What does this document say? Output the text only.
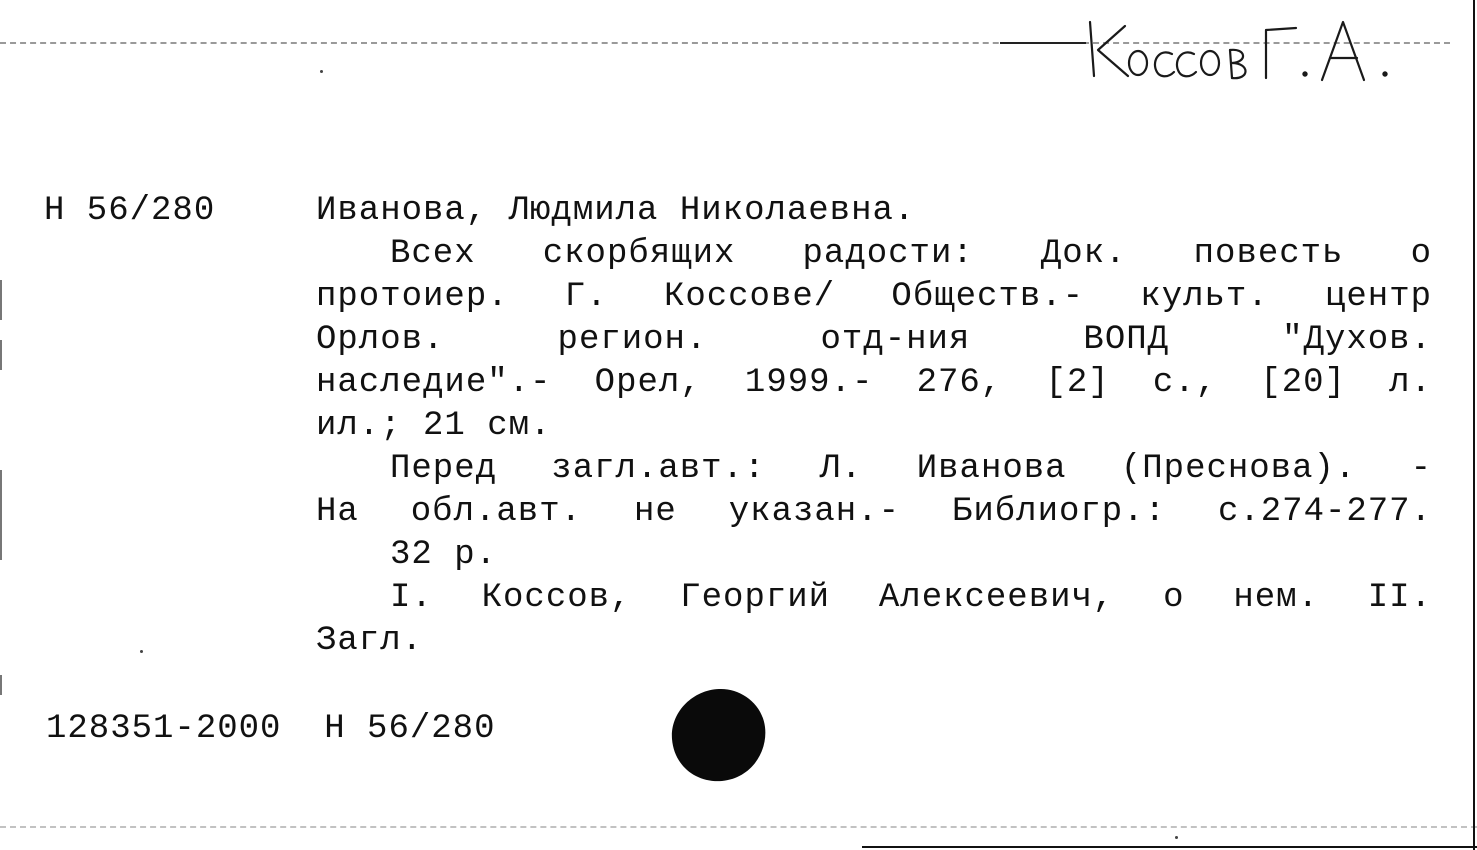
Н 56/280	Иванова, Людмила Николаевна.
Всех скорбящих радости: Док. повесть о
протоиер. Г. Коссове/ Обществ.- культ. центр
Орлов. регион. отд-ния ВОПД "Духов.
наследие".- Орел, 1999.- 276, [2] с., [20] л.
ил.; 21 см.
Перед загл.авт.: Л. Иванова (Преснова). -
На обл.авт. не указан.- Библиогр.: с.274-277.
32 р.
I. Коссов, Георгий Алексеевич, о нем. II.
Загл.
128351-2000 Н 56/280
